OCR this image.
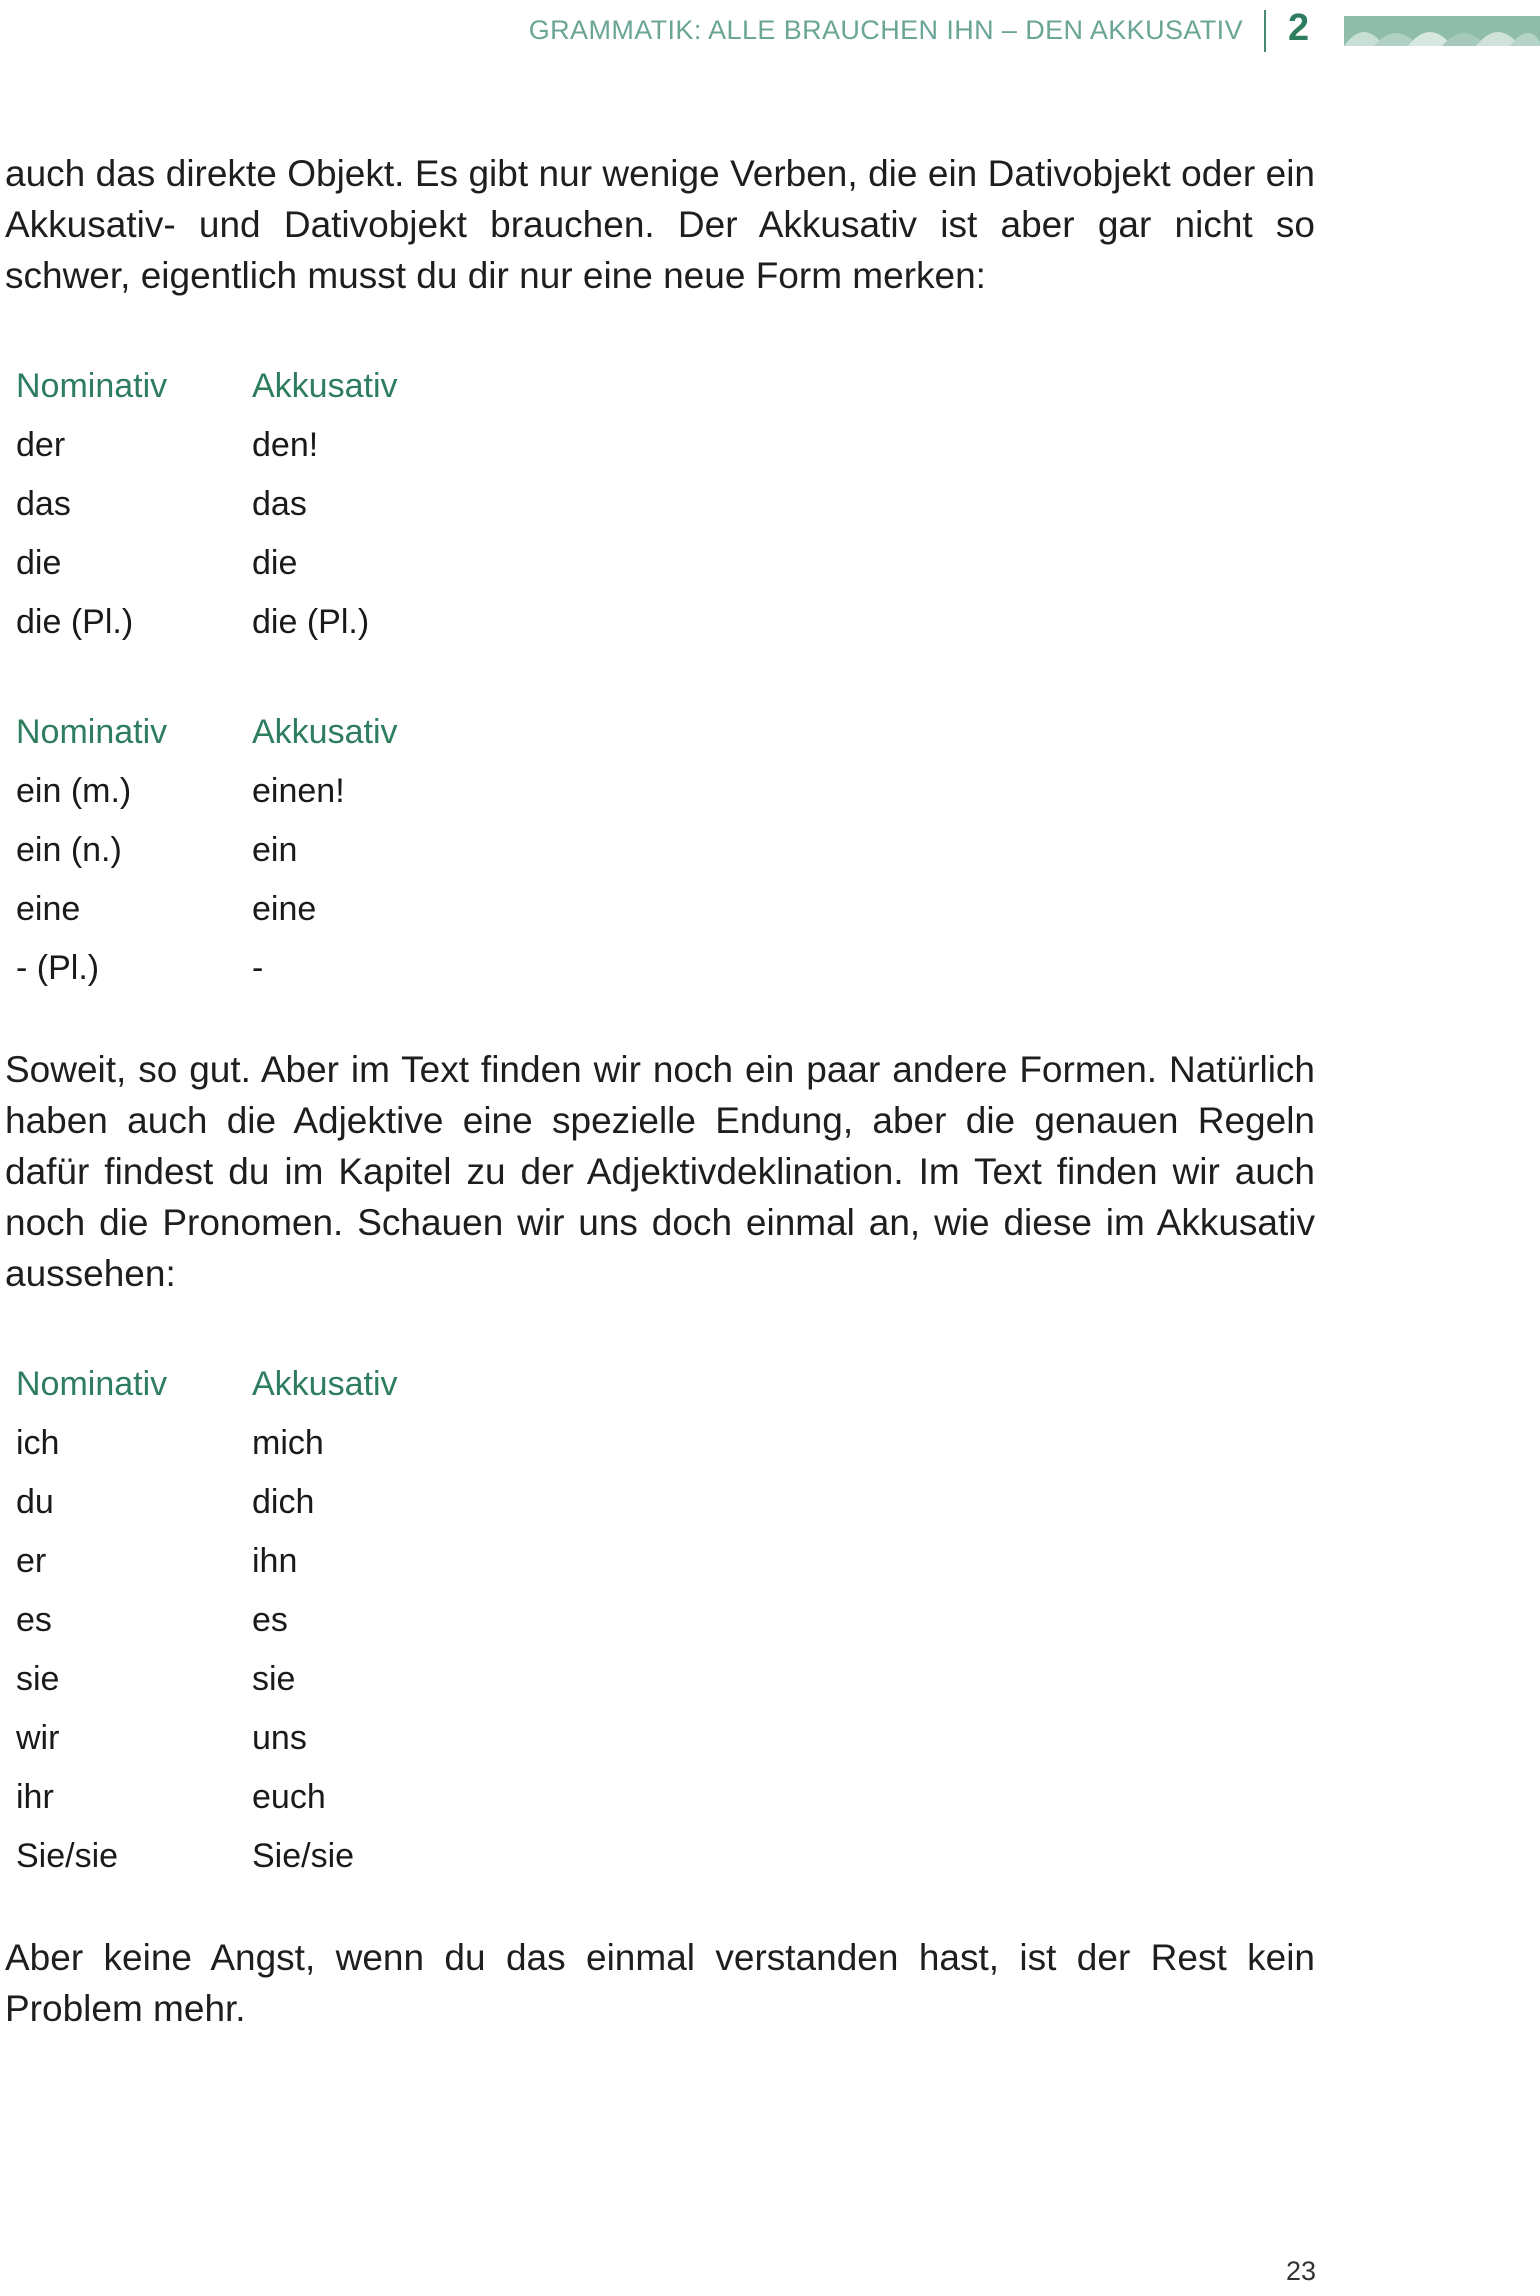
GRAMMATIK: ALLE BRAUCHEN IHN – DEN AKKUSATIV 2

auch das direkte Objekt. Es gibt nur wenige Verben, die ein Dativobjekt oder ein Akkusativ- und Dativobjekt brauchen. Der Akkusativ ist aber gar nicht so schwer, eigentlich musst du dir nur eine neue Form merken:

Nominativ	Akkusativ
der	den!
das	das
die	die
die (Pl.)	die (Pl.)
Nominativ	Akkusativ
ein (m.)	einen!
ein (n.)	ein
eine	eine
- (Pl.)	-

Soweit, so gut. Aber im Text finden wir noch ein paar andere Formen. Natürlich haben auch die Adjektive eine spezielle Endung, aber die genauen Regeln dafür findest du im Kapitel zu der Adjektivdeklination. Im Text finden wir auch noch die Pronomen. Schauen wir uns doch einmal an, wie diese im Akkusativ aussehen:

Nominativ	Akkusativ
ich	mich
du	dich
er	ihn
es	es
sie	sie
wir	uns
ihr	euch
Sie/sie	Sie/sie

Aber keine Angst, wenn du das einmal verstanden hast, ist der Rest kein Problem mehr.

23
